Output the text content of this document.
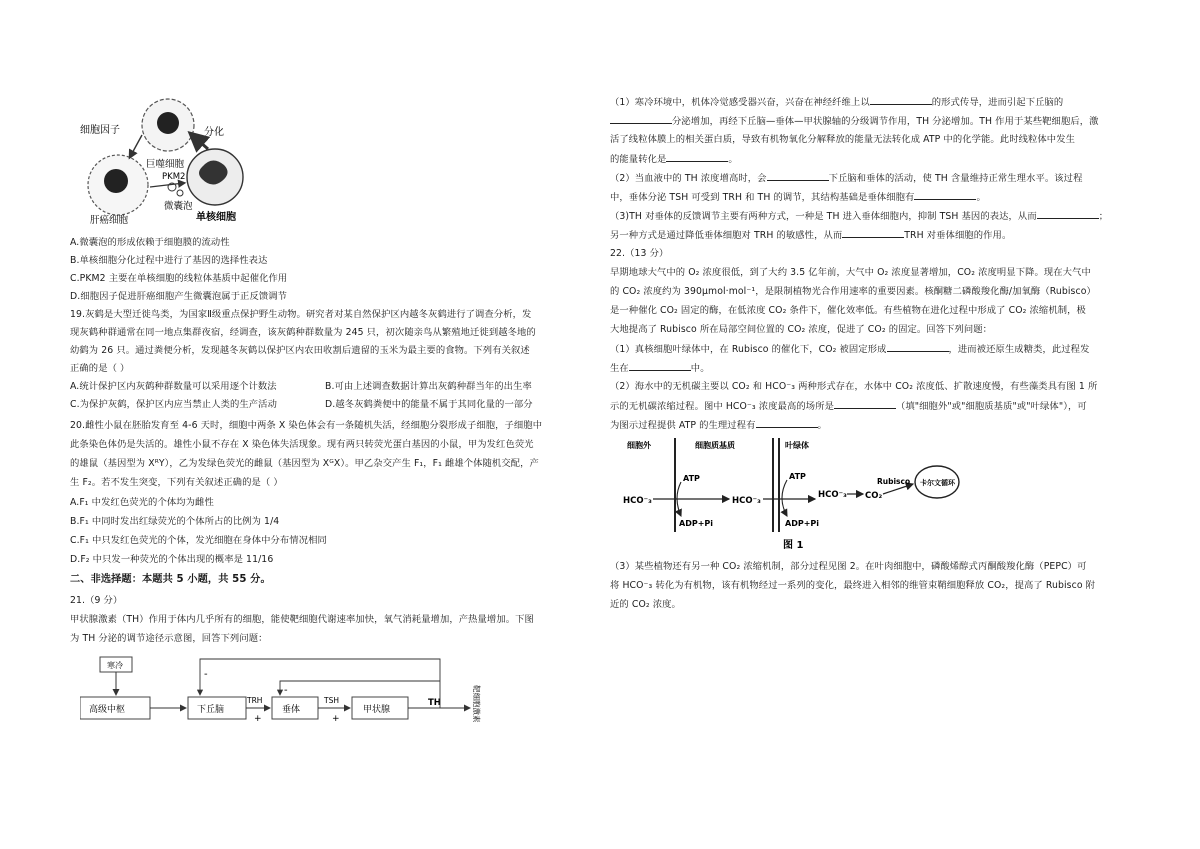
细胞因子	分化
巨噬细胞
PKM2
微囊泡
肝癌细胞	单核细胞
A.微囊泡的形成依赖于细胞膜的流动性
B.单核细胞分化过程中进行了基因的选择性表达
C.PKM2 主要在单核细胞的线粒体基质中起催化作用
D.细胞因子促进肝癌细胞产生微囊泡属于正反馈调节
19.灰鹤是大型迁徙鸟类，为国家Ⅱ级重点保护野生动物。研究者对某自然保护区内越冬灰鹤进行了调查分析，发
现灰鹤种群通常在同一地点集群夜宿，经调查，该灰鹤种群数量为 245 只，初次随亲鸟从繁殖地迁徙到越冬地的
幼鹤为 26 只。通过粪便分析，发现越冬灰鹤以保护区内农田收割后遗留的玉米为最主要的食物。下列有关叙述
正确的是（ ）
A.统计保护区内灰鹤种群数量可以采用逐个计数法	B.可由上述调查数据计算出灰鹤种群当年的出生率
C.为保护灰鹤，保护区内应当禁止人类的生产活动	D.越冬灰鹤粪便中的能量不属于其同化量的一部分
20.雌性小鼠在胚胎发育至 4-6 天时，细胞中两条 X 染色体会有一条随机失活，经细胞分裂形成子细胞，子细胞中
此条染色体仍是失活的。雄性小鼠不存在 X 染色体失活现象。现有两只转荧光蛋白基因的小鼠，甲为发红色荧光
的雄鼠（基因型为 XᴿY），乙为发绿色荧光的雌鼠（基因型为 XᴳX）。甲乙杂交产生 F₁，F₁ 雌雄个体随机交配，产
生 F₂。若不发生突变，下列有关叙述正确的是（ ）
A.F₁ 中发红色荧光的个体均为雌性
B.F₁ 中同时发出红绿荧光的个体所占的比例为 1/4
C.F₁ 中只发红色荧光的个体，发光细胞在身体中分布情况相同
D.F₂ 中只发一种荧光的个体出现的概率是 11/16
二、非选择题：本题共 5 小题，共 55 分。
21.（9 分）
甲状腺激素（TH）作用于体内几乎所有的细胞，能使靶细胞代谢速率加快，氧气消耗量增加，产热量增加。下图
为 TH 分泌的调节途径示意图，回答下列问题：
寒冷
高级中枢	下丘脑
TRH
+
垂体
TSH
+
甲状腺
TH	靶细胞激素
-
-
（1）寒冷环境中，机体冷觉感受器兴奋，兴奋在神经纤维上以	的形式传导，进而引起下丘脑的
分泌增加，再经下丘脑—垂体—甲状腺轴的分级调节作用，TH 分泌增加。TH 作用于某些靶细胞后，激
活了线粒体膜上的相关蛋白质，导致有机物氧化分解释放的能量无法转化成 ATP 中的化学能。此时线粒体中发生
的能量转化是	。
（2）当血液中的 TH 浓度增高时，会	下丘脑和垂体的活动，使 TH 含量维持正常生理水平。该过程
中，垂体分泌 TSH 可受到 TRH 和 TH 的调节，其结构基础是垂体细胞有	。
（3)TH 对垂体的反馈调节主要有两种方式，一种是 TH 进入垂体细胞内，抑制 TSH 基因的表达，从而	；
另一种方式是通过降低垂体细胞对 TRH 的敏感性，从而	TRH 对垂体细胞的作用。
22.（13 分）
早期地球大气中的 O₂ 浓度很低，到了大约 3.5 亿年前，大气中 O₂ 浓度显著增加，CO₂ 浓度明显下降。现在大气中
的 CO₂ 浓度约为 390μmol·mol⁻¹，是限制植物光合作用速率的重要因素。核酮糖二磷酸羧化酶/加氧酶（Rubisco）
是一种催化 CO₂ 固定的酶，在低浓度 CO₂ 条件下，催化效率低。有些植物在进化过程中形成了 CO₂ 浓缩机制，极
大地提高了 Rubisco 所在局部空间位置的 CO₂ 浓度，促进了 CO₂ 的固定。回答下列问题：
（1）真核细胞叶绿体中，在 Rubisco 的催化下，CO₂ 被固定形成	，进而被还原生成糖类，此过程发
生在	中。
（2）海水中的无机碳主要以 CO₂ 和 HCO⁻₃ 两种形式存在，水体中 CO₂ 浓度低、扩散速度慢，有些藻类具有图 1 所
示的无机碳浓缩过程。图中 HCO⁻₃ 浓度最高的场所是	（填"细胞外"或"细胞质基质"或"叶绿体"），可
为图示过程提供 ATP 的生理过程有	。
细胞外	细胞质基质	叶绿体
HCO⁻₃	HCO⁻₃
HCO⁻₃ CO₂
Rubisco 卡尔文循环
ATP
ADP+Pi
ATP
ADP+Pi
图 1
（3）某些植物还有另一种 CO₂ 浓缩机制，部分过程见图 2。在叶肉细胞中，磷酸烯醇式丙酮酸羧化酶（PEPC）可
将 HCO⁻₃ 转化为有机物，该有机物经过一系列的变化，最终进入相邻的维管束鞘细胞释放 CO₂，提高了 Rubisco 附
近的 CO₂ 浓度。
